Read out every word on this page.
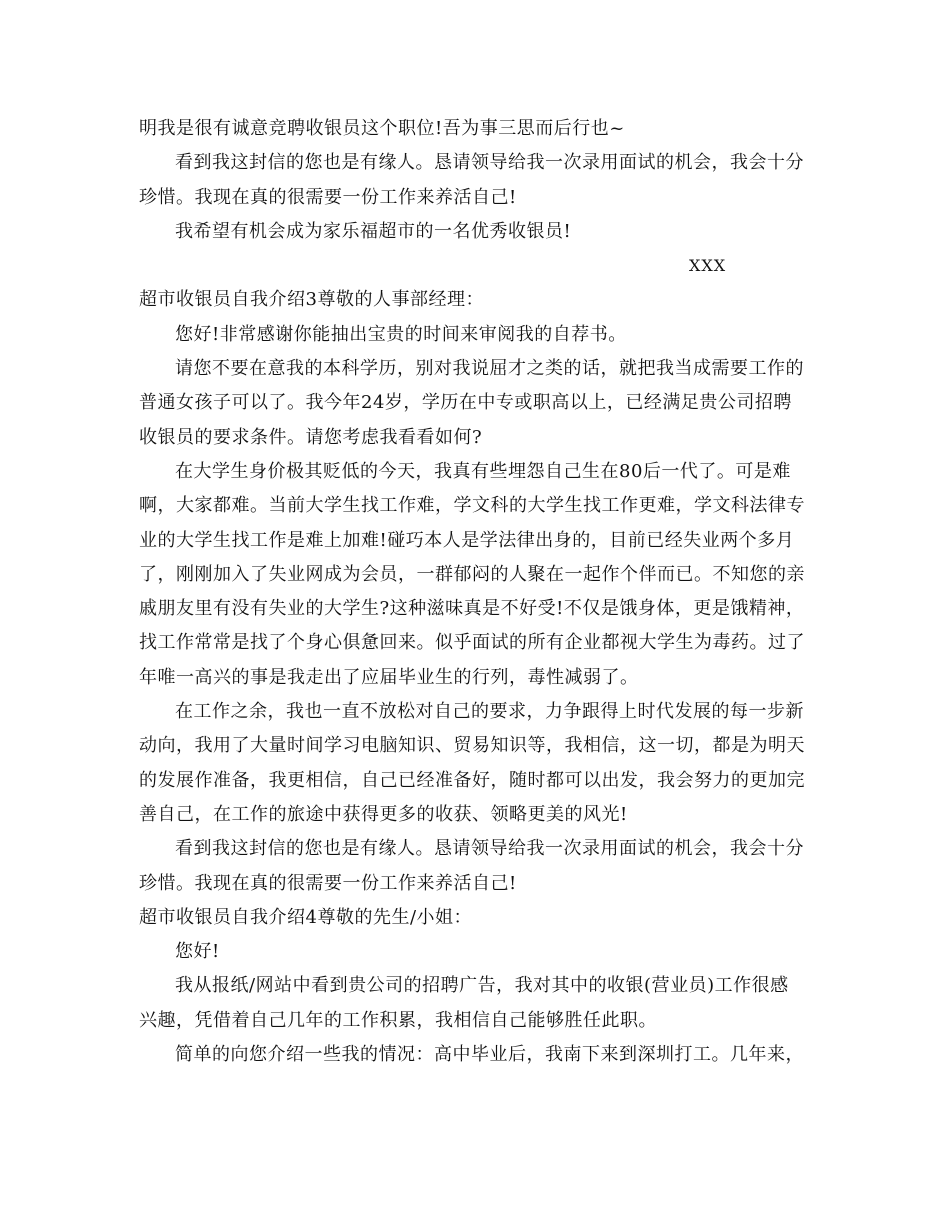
明我是很有诚意竞聘收银员这个职位!吾为事三思而后行也~
看到我这封信的您也是有缘人。恳请领导给我一次录用面试的机会，我会十分
珍惜。我现在真的很需要一份工作来养活自己!
我希望有机会成为家乐福超市的一名优秀收银员!
XXX
超市收银员自我介绍3尊敬的人事部经理：
您好!非常感谢你能抽出宝贵的时间来审阅我的自荐书。
请您不要在意我的本科学历，别对我说屈才之类的话，就把我当成需要工作的
普通女孩子可以了。我今年24岁，学历在中专或职高以上，已经满足贵公司招聘
收银员的要求条件。请您考虑我看看如何?
在大学生身价极其贬低的今天，我真有些埋怨自己生在80后一代了。可是难
啊，大家都难。当前大学生找工作难，学文科的大学生找工作更难，学文科法律专
业的大学生找工作是难上加难!碰巧本人是学法律出身的，目前已经失业两个多月
了，刚刚加入了失业网成为会员，一群郁闷的人聚在一起作个伴而已。不知您的亲
戚朋友里有没有失业的大学生?这种滋味真是不好受!不仅是饿身体，更是饿精神，
找工作常常是找了个身心俱惫回来。似乎面试的所有企业都视大学生为毒药。过了
年唯一高兴的事是我走出了应届毕业生的行列，毒性减弱了。
在工作之余，我也一直不放松对自己的要求，力争跟得上时代发展的每一步新
动向，我用了大量时间学习电脑知识、贸易知识等，我相信，这一切，都是为明天
的发展作准备，我更相信，自己已经准备好，随时都可以出发，我会努力的更加完
善自己，在工作的旅途中获得更多的收获、领略更美的风光!
看到我这封信的您也是有缘人。恳请领导给我一次录用面试的机会，我会十分
珍惜。我现在真的很需要一份工作来养活自己!
超市收银员自我介绍4尊敬的先生/小姐：
您好!
我从报纸/网站中看到贵公司的招聘广告，我对其中的收银(营业员)工作很感
兴趣，凭借着自己几年的工作积累，我相信自己能够胜任此职。
简单的向您介绍一些我的情况：高中毕业后，我南下来到深圳打工。几年来，
